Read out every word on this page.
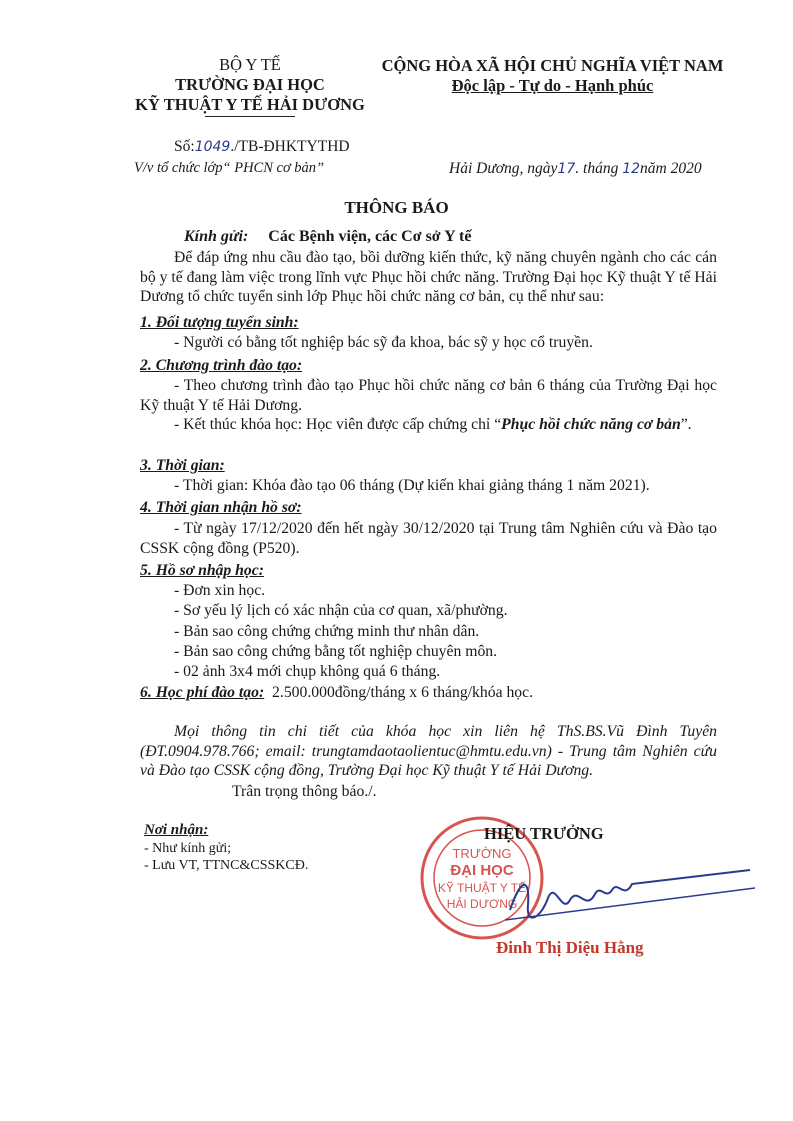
BỘ Y TẾ
TRƯỜNG ĐẠI HỌC
KỸ THUẬT Y TẾ HẢI DƯƠNG
CỘNG HÒA XÃ HỘI CHỦ NGHĨA VIỆT NAM
Độc lập - Tự do - Hạnh phúc
Số:1049./TB-ĐHKTYTHD
V/v tổ chức lớp“ PHCN cơ bản”	Hải Dương, ngày17. tháng 12năm 2020
THÔNG BÁO
Kính gửi: Các Bệnh viện, các Cơ sở Y tế
Để đáp ứng nhu cầu đào tạo, bồi dưỡng kiến thức, kỹ năng chuyên ngành cho các cán bộ y tế đang làm việc trong lĩnh vực Phục hồi chức năng. Trường Đại học Kỹ thuật Y tế Hải Dương tổ chức tuyển sinh lớp Phục hồi chức năng cơ bản, cụ thể như sau:
1. Đối tượng tuyển sinh:
- Người có bằng tốt nghiệp bác sỹ đa khoa, bác sỹ y học cổ truyền.
2. Chương trình đào tạo:
- Theo chương trình đào tạo Phục hồi chức năng cơ bản 6 tháng của Trường Đại học Kỹ thuật Y tế Hải Dương.
- Kết thúc khóa học: Học viên được cấp chứng chỉ “Phục hồi chức năng cơ bản”.
3. Thời gian:
- Thời gian: Khóa đào tạo 06 tháng (Dự kiến khai giảng tháng 1 năm 2021).
4. Thời gian nhận hồ sơ:
- Từ ngày 17/12/2020 đến hết ngày 30/12/2020 tại Trung tâm Nghiên cứu và Đào tạo CSSK cộng đồng (P520).
5. Hồ sơ nhập học:
- Đơn xin học.
- Sơ yếu lý lịch có xác nhận của cơ quan, xã/phường.
- Bản sao công chứng chứng minh thư nhân dân.
- Bản sao công chứng bằng tốt nghiệp chuyên môn.
- 02 ảnh 3x4 mới chụp không quá 6 tháng.
6. Học phí đào tạo: 2.500.000đồng/tháng x 6 tháng/khóa học.
Mọi thông tin chi tiết của khóa học xin liên hệ ThS.BS.Vũ Đình Tuyên (ĐT.0904.978.766; email: trungtamdaotaolientuc@hmtu.edu.vn) - Trung tâm Nghiên cứu và Đào tạo CSSK cộng đồng, Trường Đại học Kỹ thuật Y tế Hải Dương.
Trân trọng thông báo./.
Nơi nhận:
- Như kính gửi;
- Lưu VT, TTNC&CSSKCĐ.
TRƯỜNG
ĐẠI HỌC
KỸ THUẬT Y TẾ
HẢI DƯƠNG
HIỆU TRƯỞNG
Đinh Thị Diệu Hằng
